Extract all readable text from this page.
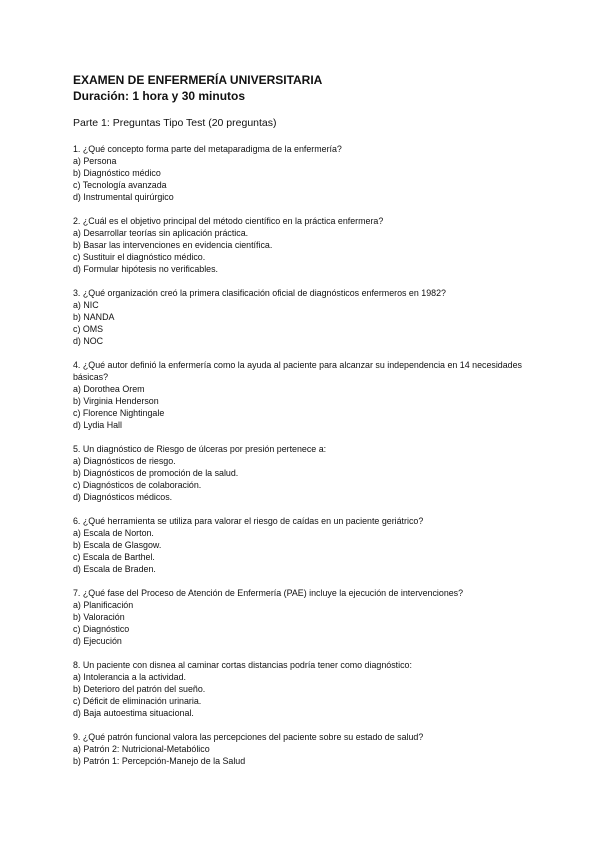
EXAMEN DE ENFERMERÍA UNIVERSITARIA
Duración: 1 hora y 30 minutos
Parte 1: Preguntas Tipo Test (20 preguntas)
1. ¿Qué concepto forma parte del metaparadigma de la enfermería?
a) Persona
b) Diagnóstico médico
c) Tecnología avanzada
d) Instrumental quirúrgico
2. ¿Cuál es el objetivo principal del método científico en la práctica enfermera?
a) Desarrollar teorías sin aplicación práctica.
b) Basar las intervenciones en evidencia científica.
c) Sustituir el diagnóstico médico.
d) Formular hipótesis no verificables.
3. ¿Qué organización creó la primera clasificación oficial de diagnósticos enfermeros en 1982?
a) NIC
b) NANDA
c) OMS
d) NOC
4. ¿Qué autor definió la enfermería como la ayuda al paciente para alcanzar su independencia en 14 necesidades básicas?
a) Dorothea Orem
b) Virginia Henderson
c) Florence Nightingale
d) Lydia Hall
5. Un diagnóstico de Riesgo de úlceras por presión pertenece a:
a) Diagnósticos de riesgo.
b) Diagnósticos de promoción de la salud.
c) Diagnósticos de colaboración.
d) Diagnósticos médicos.
6. ¿Qué herramienta se utiliza para valorar el riesgo de caídas en un paciente geriátrico?
a) Escala de Norton.
b) Escala de Glasgow.
c) Escala de Barthel.
d) Escala de Braden.
7. ¿Qué fase del Proceso de Atención de Enfermería (PAE) incluye la ejecución de intervenciones?
a) Planificación
b) Valoración
c) Diagnóstico
d) Ejecución
8. Un paciente con disnea al caminar cortas distancias podría tener como diagnóstico:
a) Intolerancia a la actividad.
b) Deterioro del patrón del sueño.
c) Déficit de eliminación urinaria.
d) Baja autoestima situacional.
9. ¿Qué patrón funcional valora las percepciones del paciente sobre su estado de salud?
a) Patrón 2: Nutricional-Metabólico
b) Patrón 1: Percepción-Manejo de la Salud
